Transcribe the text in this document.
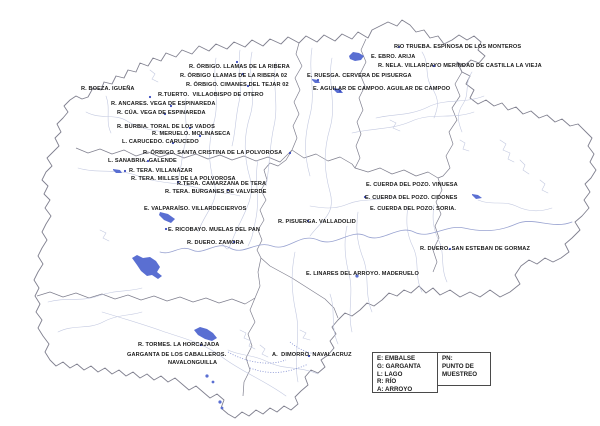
RIO TRUEBA. ESPINOSA DE LOS MONTEROS
E. EBRO. ARIJA
R. NELA. VILLARCAYO MERINDAD DE CASTILLA LA VIEJA
E. RUESGA. CERVERA DE PISUERGA
E. AGUILAR DE CAMPOO. AGUILAR DE CAMPOO
R. ÓRBIGO. LLAMAS DE LA RIBERA
R. ÓRBIGO LLAMAS DE LA RIBERA 02
R. ÓRBIGO. CIMANES DEL TEJAR 02
R. BOEZA. IGUEÑA
R.TUERTO.  VILLAOBISPO DE OTERO
R. ANCARES. VEGA DE ESPINAREDA
R. CÚA. VEGA DE ESPINAREDA
R. BURBIA. TORAL DE LOS VADOS
R. MERUELO. MOLINASECA
L. CARUCEDO. CARUCEDO
R. ÓRBIGO. SANTA CRISTINA DE LA POLVOROSA
L. SANABRIA. GALENDE
R. TERA. VILLANÁZAR
R. TERA. MILLES DE LA POLVOROSA
R.TERA. CAMARZANA DE TERA
R. TERA. BURGANES DE VALVERDE
E. VALPARAÍSO. VILLARDECIERVOS
E. RICOBAYO. MUELAS DEL PAN
R. DUERO. ZAMORA
R. PISUERGA. VALLADOLID
E. CUERDA DEL POZO. VINUESA
E. CUERDA DEL POZO. CIDONES
E. CUERDA DEL POZO. SORIA.
R. DUERO. SAN ESTEBAN DE GORMAZ
E. LINARES DEL ARROYO. MADERUELO
R. TORMES. LA HORCAJADA
GARGANTA DE LOS CABALLEROS.
NAVALONGUILLA
A.  DIMORRO. NAVALACRUZ	E: EMBALSE
G: GARGANTA
L: LAGO
R: RÍO
A: ARROYO
PN:
PUNTO DE
MUESTREO
